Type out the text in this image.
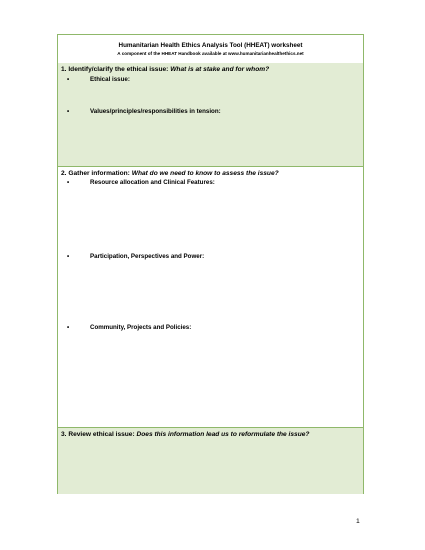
Humanitarian Health Ethics Analysis Tool (HHEAT) worksheet
A component of the HHEAT Handbook available at www.humanitarianhealthethics.net
1. Identify/clarify the ethical issue: What is at stake and for whom?
•	Ethical issue:
•	Values/principles/responsibilities in tension:
2. Gather information: What do we need to know to assess the issue?
•	Resource allocation and Clinical Features:
•	Participation, Perspectives and Power:
•	Community, Projects and Policies:
3. Review ethical issue: Does this information lead us to reformulate the issue?
1
